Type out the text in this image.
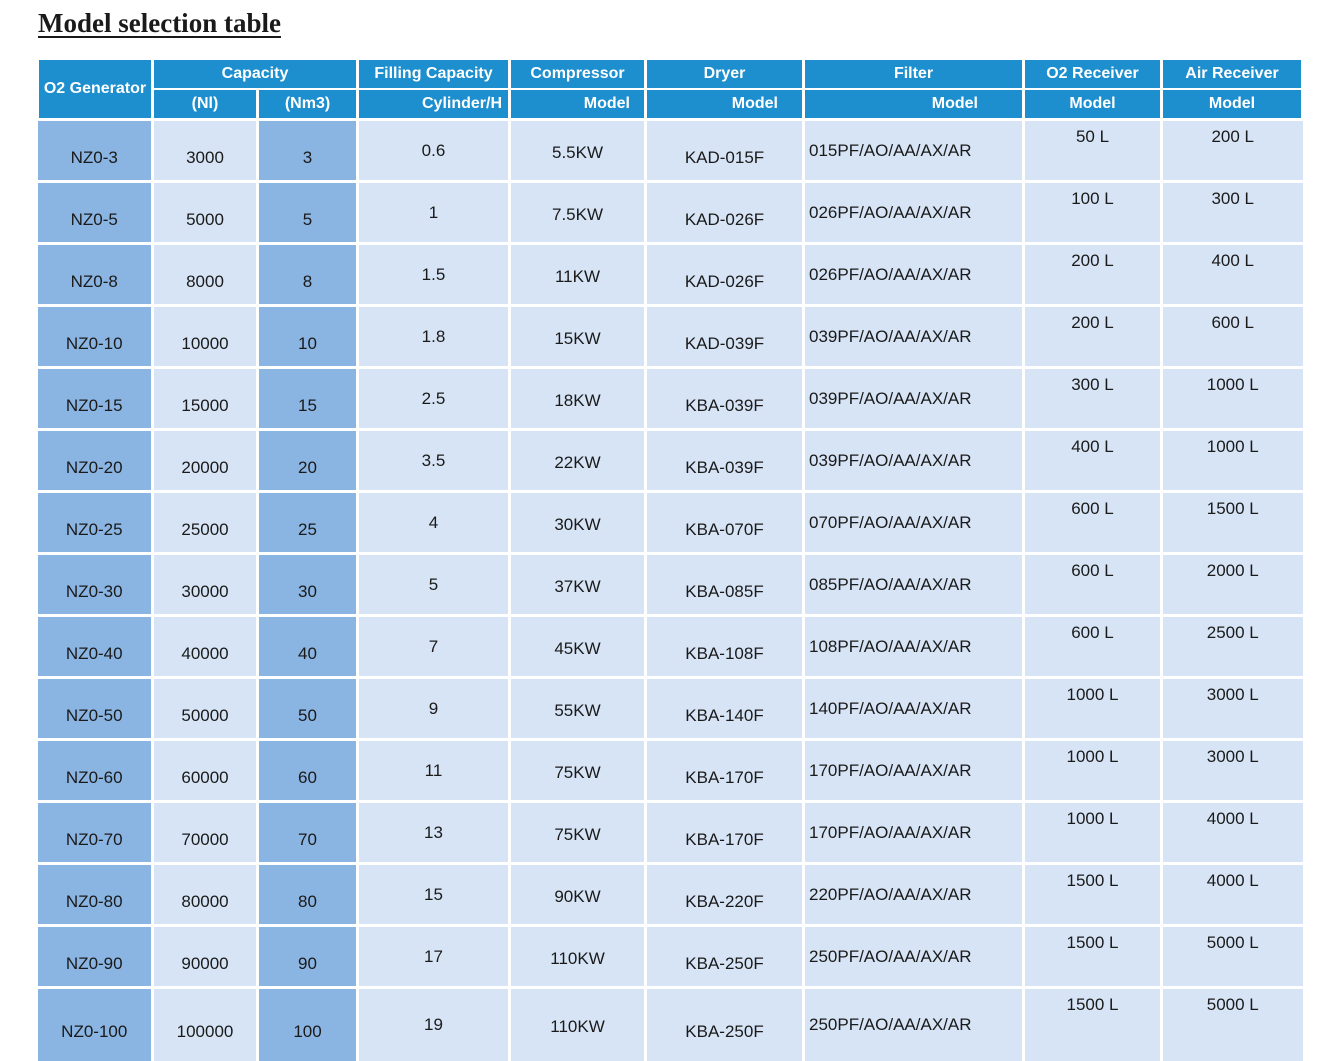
Model selection table
O2 Generator	Capacity		Filling Capacity	Compressor	Dryer	Filter	O2 Receiver	Air Receiver
	(Nl)	(Nm3)	Cylinder/H	Model	Model	Model	Model	Model
NZ0-3	3000	3	0.6	5.5KW	KAD-015F	015PF/AO/AA/AX/AR	50 L	200 L
NZ0-5	5000	5	1	7.5KW	KAD-026F	026PF/AO/AA/AX/AR	100 L	300 L
NZ0-8	8000	8	1.5	11KW	KAD-026F	026PF/AO/AA/AX/AR	200 L	400 L
NZ0-10	10000	10	1.8	15KW	KAD-039F	039PF/AO/AA/AX/AR	200 L	600 L
NZ0-15	15000	15	2.5	18KW	KBA-039F	039PF/AO/AA/AX/AR	300 L	1000 L
NZ0-20	20000	20	3.5	22KW	KBA-039F	039PF/AO/AA/AX/AR	400 L	1000 L
NZ0-25	25000	25	4	30KW	KBA-070F	070PF/AO/AA/AX/AR	600 L	1500 L
NZ0-30	30000	30	5	37KW	KBA-085F	085PF/AO/AA/AX/AR	600 L	2000 L
NZ0-40	40000	40	7	45KW	KBA-108F	108PF/AO/AA/AX/AR	600 L	2500 L
NZ0-50	50000	50	9	55KW	KBA-140F	140PF/AO/AA/AX/AR	1000 L	3000 L
NZ0-60	60000	60	11	75KW	KBA-170F	170PF/AO/AA/AX/AR	1000 L	3000 L
NZ0-70	70000	70	13	75KW	KBA-170F	170PF/AO/AA/AX/AR	1000 L	4000 L
NZ0-80	80000	80	15	90KW	KBA-220F	220PF/AO/AA/AX/AR	1500 L	4000 L
NZ0-90	90000	90	17	110KW	KBA-250F	250PF/AO/AA/AX/AR	1500 L	5000 L
NZ0-100	100000	100	19	110KW	KBA-250F	250PF/AO/AA/AX/AR	1500 L	5000 L
